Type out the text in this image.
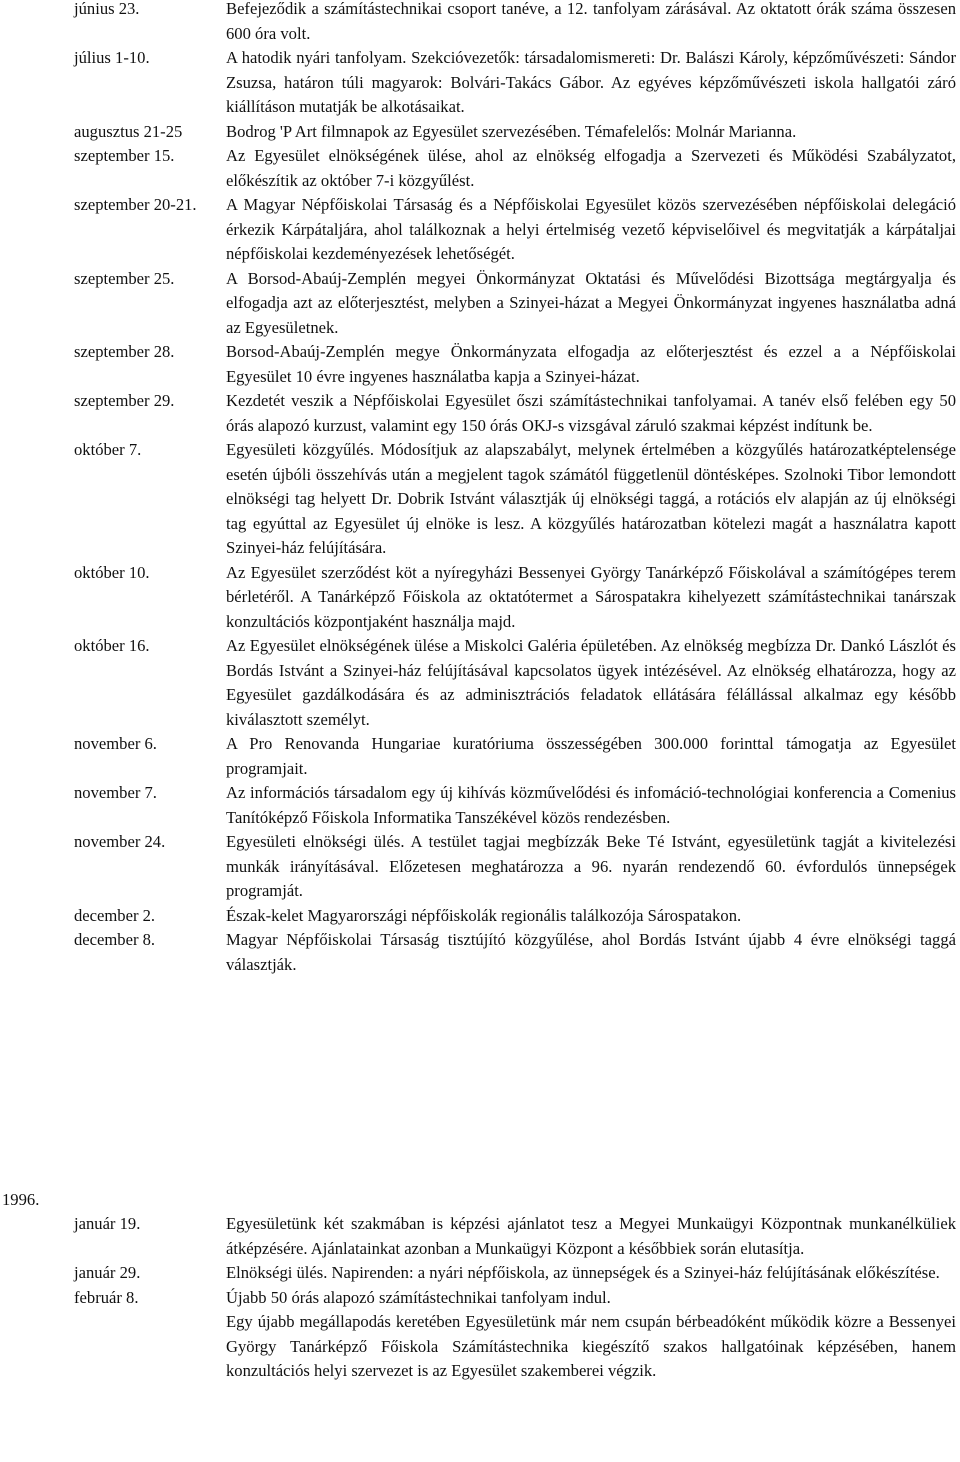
június 23.	Befejeződik a számítástechnikai csoport tanéve, a 12. tanfolyam zárásával. Az oktatott órák száma összesen 600 óra volt.
július 1-10.	A hatodik nyári tanfolyam. Szekcióvezetők: társadalomismereti: Dr. Balászi Károly, képzőművészeti: Sándor Zsuzsa, határon túli magyarok: Bolvári-Takács Gábor. Az egyéves képzőművészeti iskola hallgatói záró kiállításon mutatják be alkotásaikat.
augusztus 21-25	Bodrog 'P Art filmnapok az Egyesület szervezésében. Témafelelős: Molnár Marianna.
szeptember 15.	Az Egyesület elnökségének ülése, ahol az elnökség elfogadja a Szervezeti és Működési Szabályzatot, előkészítik az október 7-i közgyűlést.
szeptember 20-21. A Magyar Népfőiskolai Társaság és a Népfőiskolai Egyesület közös szervezésében népfőiskolai delegáció érkezik Kárpátaljára, ahol találkoznak a helyi értelmiség vezető képviselőivel és megvitatják a kárpátaljai népfőiskolai kezdeményezések lehetőségét.
szeptember 25.	A Borsod-Abaúj-Zemplén megyei Önkormányzat Oktatási és Művelődési Bizottsága megtárgyalja és elfogadja azt az előterjesztést, melyben a Szinyei-házat a Megyei Önkormányzat ingyenes használatba adná az Egyesületnek.
szeptember 28.	Borsod-Abaúj-Zemplén megye Önkormányzata elfogadja az előterjesztést és ezzel a a Népfőiskolai Egyesület 10 évre ingyenes használatba kapja a Szinyei-házat.
szeptember 29.	Kezdetét veszik a Népfőiskolai Egyesület őszi számítástechnikai tanfolyamai. A tanév első felében egy 50 órás alapozó kurzust, valamint egy 150 órás OKJ-s vizsgával záruló szakmai képzést indítunk be.
október 7.	Egyesületi közgyűlés. Módosítjuk az alapszabályt, melynek értelmében a közgyűlés határozatképtelensége esetén újbóli összehívás után a megjelent tagok számától függetlenül döntésképes. Szolnoki Tibor lemondott elnökségi tag helyett Dr. Dobrik Istvánt választják új elnökségi taggá, a rotációs elv alapján az új elnökségi tag egyúttal az Egyesület új elnöke is lesz. A közgyűlés határozatban kötelezi magát a használatra kapott Szinyei-ház felújítására.
október 10.	Az Egyesület szerződést köt a nyíregyházi Bessenyei György Tanárképző Főiskolával a számítógépes terem bérletéről. A Tanárképző Főiskola az oktatótermet a Sárospatakra kihelyezett számítástechnikai tanárszak konzultációs központjaként használja majd.
október 16.	Az Egyesület elnökségének ülése a Miskolci Galéria épületében. Az elnökség megbízza Dr. Dankó Lászlót és Bordás Istvánt a Szinyei-ház felújításával kapcsolatos ügyek intézésével. Az elnökség elhatározza, hogy az Egyesület gazdálkodására és az adminisztrációs feladatok ellátására félállással alkalmaz egy később kiválasztott személyt.
november 6.	A Pro Renovanda Hungariae kuratóriuma összességében 300.000 forinttal támogatja az Egyesület programjait.
november 7.	Az információs társadalom egy új kihívás közművelődési és infomáció-technológiai konferencia a Comenius Tanítóképző Főiskola Informatika Tanszékével közös rendezésben.
november 24.	Egyesületi elnökségi ülés. A testület tagjai megbízzák Beke Té Istvánt, egyesületünk tagját a kivitelezési munkák irányításával. Előzetesen meghatározza a 96. nyarán rendezendő 60. évfordulós ünnepségek programját.
december 2.	Észak-kelet Magyarországi népfőiskolák regionális találkozója Sárospatakon.
december 8.	Magyar Népfőiskolai Társaság tisztújító közgyűlése, ahol Bordás Istvánt újabb 4 évre elnökségi taggá választják.
1996.
január 19.	Egyesületünk két szakmában is képzési ajánlatot tesz a Megyei Munkaügyi Központnak munkanélküliek átképzésére. Ajánlatainkat azonban a Munkaügyi Központ a későbbiek során elutasítja.
január 29.	Elnökségi ülés. Napirenden: a nyári népfőiskola, az ünnepségek és a Szinyei-ház felújításának előkészítése.
február 8.	Újabb 50 órás alapozó számítástechnikai tanfolyam indul.
Egy újabb megállapodás keretében Egyesületünk már nem csupán bérbeadóként működik közre a Bessenyei György Tanárképző Főiskola Számítástechnika kiegészítő szakos hallgatóinak képzésében, hanem konzultációs helyi szervezet is az Egyesület szakemberei végzik.
